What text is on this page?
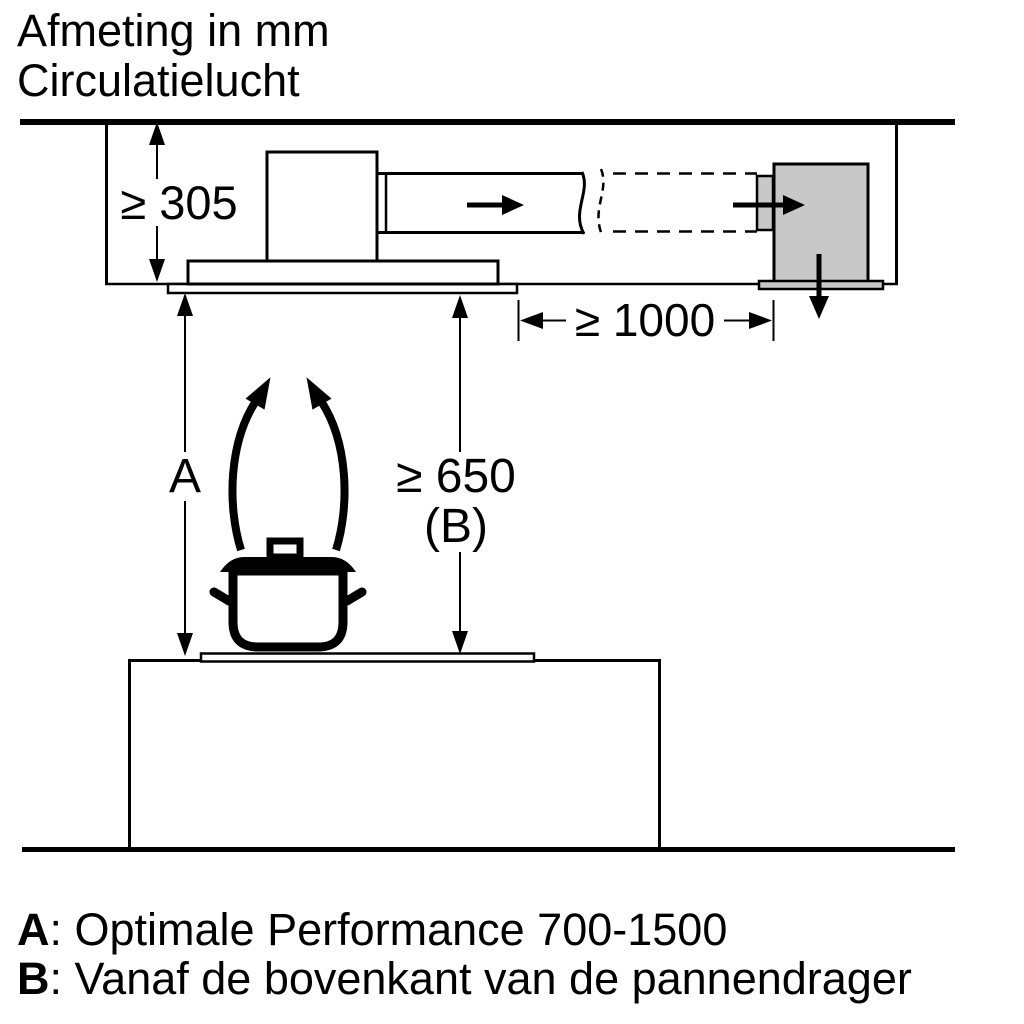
Afmeting in mm
Circulatielucht
≥ 305
≥ 1000
A	≥ 650
(B)
A: Optimale Performance 700-1500
B: Vanaf de bovenkant van de pannendrager
